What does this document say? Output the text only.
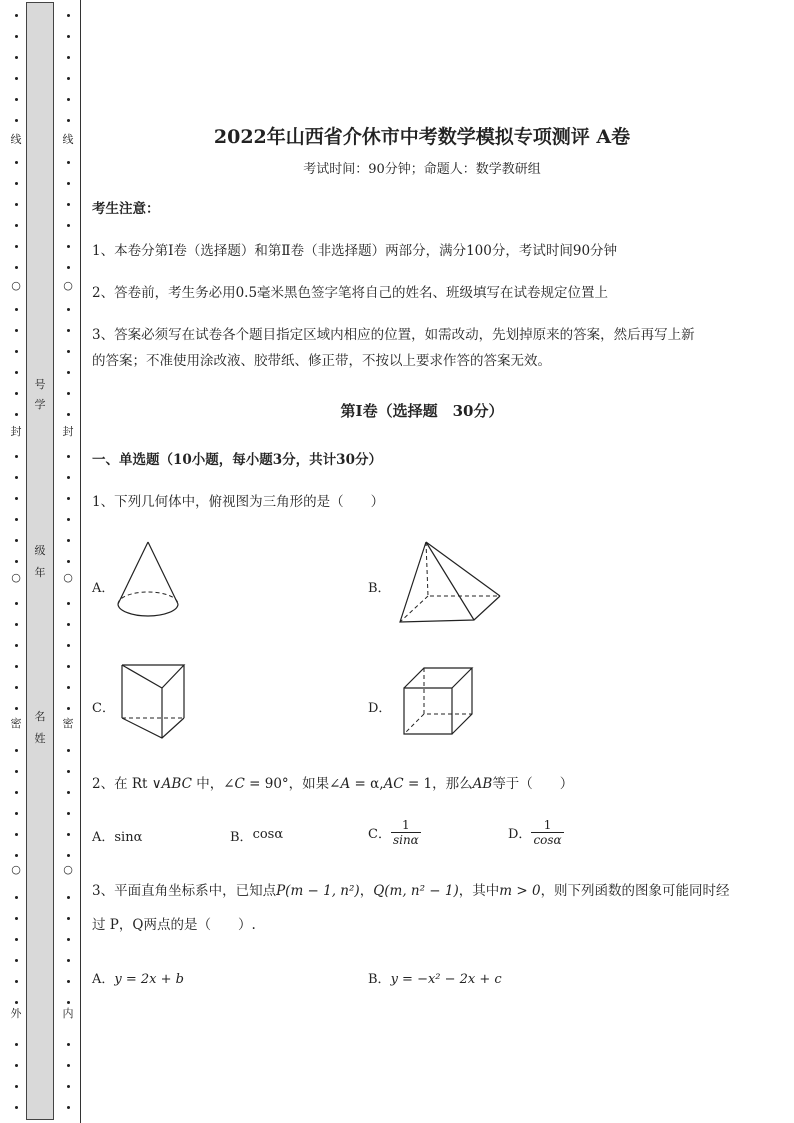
线
○
封
○
密
○
外
线
○
封
○
密
○
内
号
学
级
年
名
姓
2022年山西省介休市中考数学模拟专项测评 A卷
考试时间：90分钟；命题人：数学教研组
考生注意：
1、本卷分第I卷（选择题）和第Ⅱ卷（非选择题）两部分，满分100分，考试时间90分钟
2、答卷前，考生务必用0.5毫米黑色签字笔将自己的姓名、班级填写在试卷规定位置上
3、答案必须写在试卷各个题目指定区域内相应的位置，如需改动，先划掉原来的答案，然后再写上新
的答案；不准使用涂改液、胶带纸、修正带，不按以上要求作答的答案无效。
第Ⅰ卷（选择题　30分）
一、单选题（10小题，每小题3分，共计30分）
1、下列几何体中，俯视图为三角形的是（　　）
A．	B．
C．	D．
2、在 Rt ∨ABC 中，∠C = 90°，如果∠A = α,AC = 1，那么AB等于（　　）
A．sinα	B．cosα	C． $\frac{1}{\sin\alpha}$	D． $\frac{1}{\cos\alpha}$
3、平面直角坐标系中，已知点P(m − 1, n²)，Q(m, n² − 1)，其中m > 0，则下列函数的图象可能同时经
过 P，Q两点的是（　　）.
A．y = 2x + b	B．y = −x² − 2x + c
